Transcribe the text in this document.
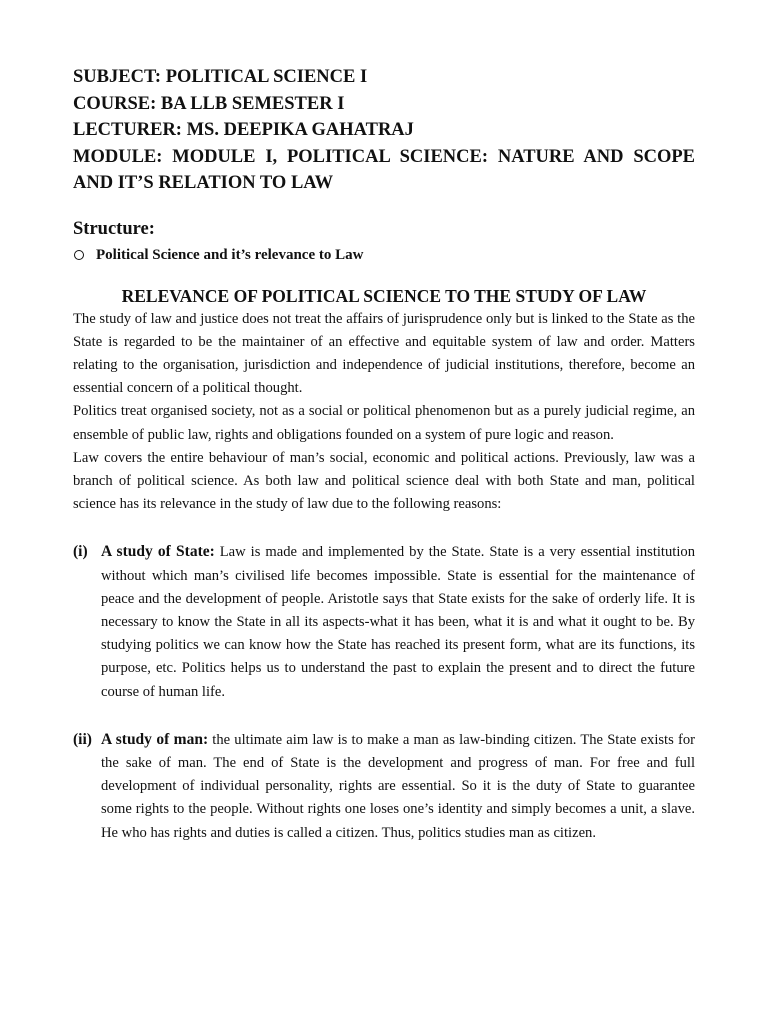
SUBJECT: POLITICAL SCIENCE I

COURSE: BA LLB SEMESTER I

LECTURER: MS. DEEPIKA GAHATRAJ

MODULE: MODULE I, POLITICAL SCIENCE: NATURE AND SCOPE AND IT’S RELATION TO LAW

Structure:

Political Science and it’s relevance to Law

RELEVANCE OF POLITICAL SCIENCE TO THE STUDY OF LAW

The study of law and justice does not treat the affairs of jurisprudence only but is linked to the State as the State is regarded to be the maintainer of an effective and equitable system of law and order. Matters relating to the organisation, jurisdiction and independence of judicial institutions, therefore, become an essential concern of a political thought.

Politics treat organised society, not as a social or political phenomenon but as a purely judicial regime, an ensemble of public law, rights and obligations founded on a system of pure logic and reason.

Law covers the entire behaviour of man’s social, economic and political actions. Previously, law was a branch of political science. As both law and political science deal with both State and man, political science has its relevance in the study of law due to the following reasons:

(i) A study of State: Law is made and implemented by the State. State is a very essential institution without which man’s civilised life becomes impossible. State is essential for the maintenance of peace and the development of people. Aristotle says that State exists for the sake of orderly life. It is necessary to know the State in all its aspects-what it has been, what it is and what it ought to be. By studying politics we can know how the State has reached its present form, what are its functions, its purpose, etc. Politics helps us to understand the past to explain the present and to direct the future course of human life.
(ii) A study of man: the ultimate aim law is to make a man as law-binding citizen. The State exists for the sake of man. The end of State is the development and progress of man. For free and full development of individual personality, rights are essential. So it is the duty of State to guarantee some rights to the people. Without rights one loses one’s identity and simply becomes a unit, a slave. He who has rights and duties is called a citizen. Thus, politics studies man as citizen.
